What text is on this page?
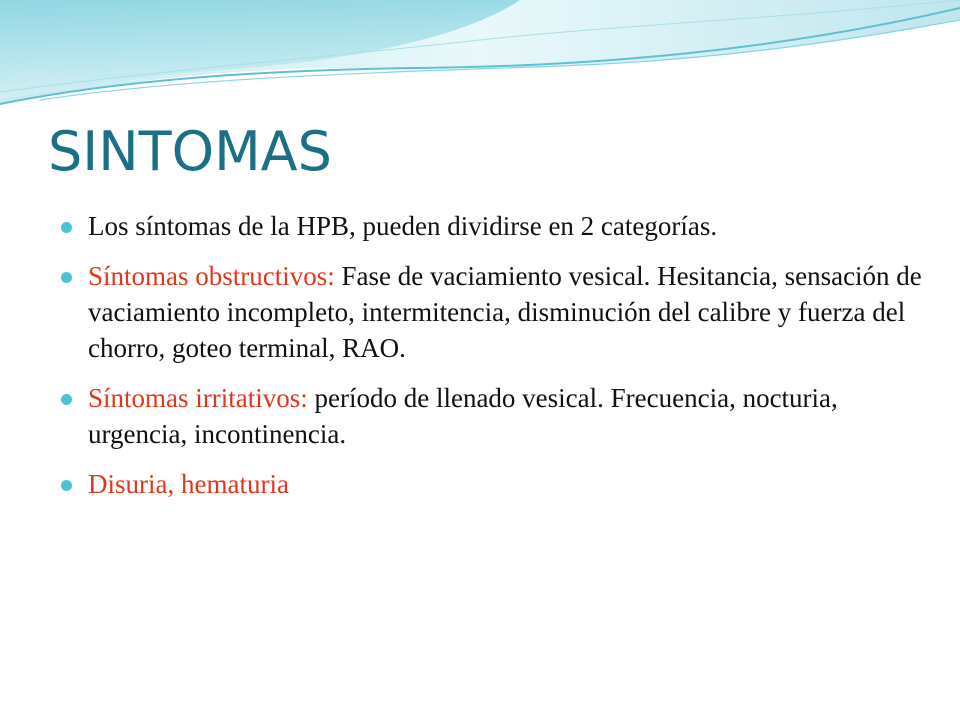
SINTOMAS
Los síntomas de la HPB, pueden dividirse en 2 categorías.
Síntomas obstructivos: Fase de vaciamiento vesical. Hesitancia, sensación de vaciamiento incompleto, intermitencia, disminución del calibre y fuerza del chorro, goteo terminal, RAO.
Síntomas irritativos: período de llenado vesical. Frecuencia, nocturia, urgencia, incontinencia.
Disuria, hematuria
